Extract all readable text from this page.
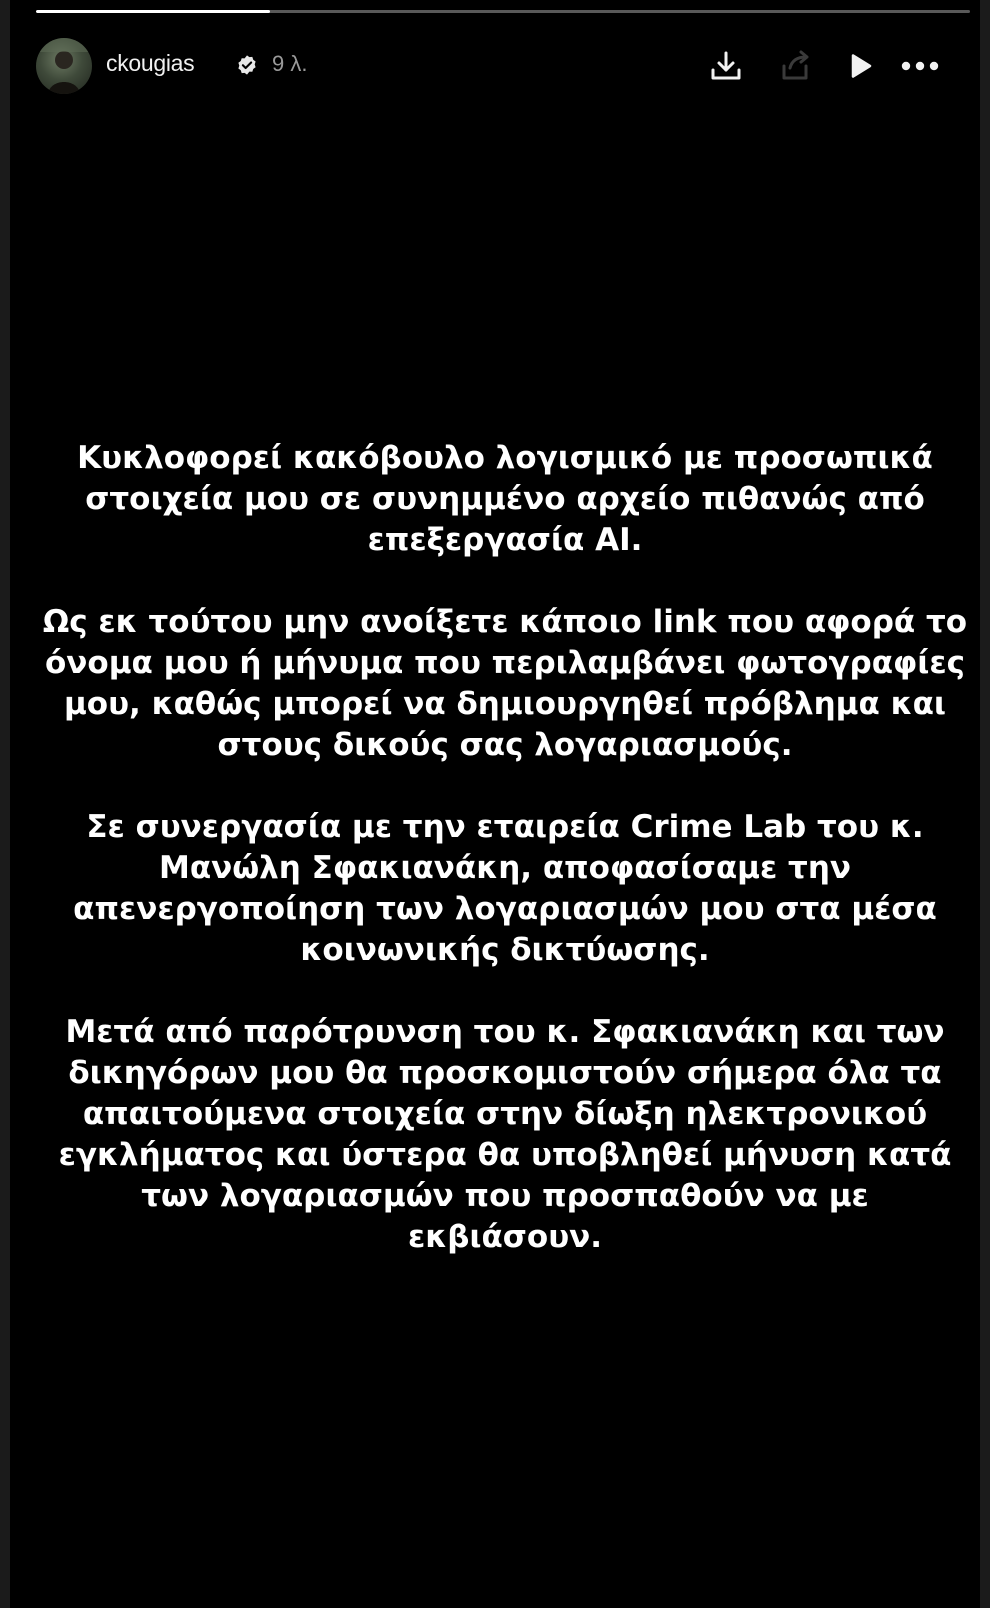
ckougias	9 λ.

Κυκλοφορεί κακόβουλο λογισμικό με προσωπικά στοιχεία μου σε συνημμένο αρχείο πιθανώς από επεξεργασία AI.

Ως εκ τούτου μην ανοίξετε κάποιο link που αφορά το όνομα μου ή μήνυμα που περιλαμβάνει φωτογραφίες μου, καθώς μπορεί να δημιουργηθεί πρόβλημα και στους δικούς σας λογαριασμούς.

Σε συνεργασία με την εταιρεία Crime Lab του κ. Μανώλη Σφακιανάκη, αποφασίσαμε την απενεργοποίηση των λογαριασμών μου στα μέσα κοινωνικής δικτύωσης.

Μετά από παρότρυνση του κ. Σφακιανάκη και των δικηγόρων μου θα προσκομιστούν σήμερα όλα τα απαιτούμενα στοιχεία στην δίωξη ηλεκτρονικού εγκλήματος και ύστερα θα υποβληθεί μήνυση κατά των λογαριασμών που προσπαθούν να με εκβιάσουν.
